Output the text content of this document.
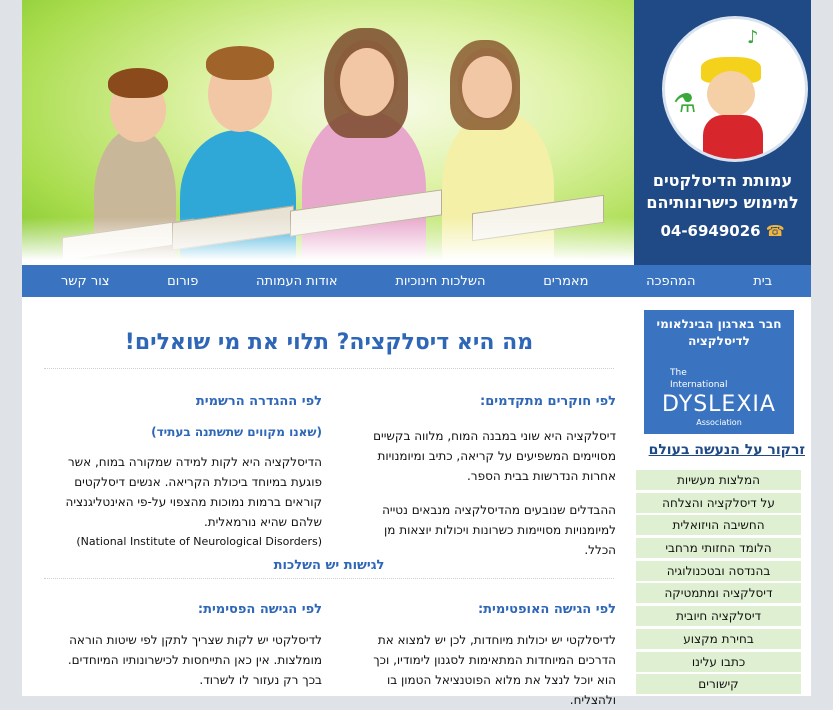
⚗
♪
עמותת הדיסלקטים
למימוש כישרונותיהם
04-6949026 ☎
בית
המהפכה
מאמרים
השלכות חינוכיות
אודות העמותה
פורום
צור קשר
מה היא דיסלקציה? תלוי את מי שואלים!
לפי חוקרים מתקדמים:

דיסלקציה היא שוני במבנה המוח, מלווה בקשיים מסויימים המשפיעים על קריאה, כתיב ומיומנויות אחרות הנדרשות בבית הספר.

ההבדלים שנובעים מהדיסלקציה מנבאים נטייה למיומנויות מסויימות כשרונות ויכולות יוצאות מן הכלל.

לפי ההגדרה הרשמית
(שאנו מקווים שתשתנה בעתיד)

הדיסלקציה היא לקות למידה שמקורה במוח, אשר פוגעת במיוחד ביכולת הקריאה. אנשים דיסלקטים קוראים ברמות נמוכות מהצפוי על-פי האינטליגנציה שלהם שהיא נורמאלית.

(National Institute of Neurological Disorders)

לגישות יש השלכות
לפי הגישה האופטימית:

לדיסלקטי יש יכולות מיוחדות, לכן יש למצוא את הדרכים המיוחדות המתאימות לסגנון לימודיו, וכך הוא יוכל לנצל את מלוא הפוטנציאל הטמון בו ולהצליח.

לפי הגישה הפסימית:

לדיסלקטי יש לקות שצריך לתקן לפי שיטות הוראה מומלצות. אין כאן התייחסות לכישרונותיו המיוחדים. בכך רק נעזור לו לשרוד.

חבר בארגון הבינלאומי
לדיסלקציה
The
International
DYSLEXIA
Association
זרקור על הנעשה בעולם
המלצות מעשיות
על דיסלקציה והצלחה
החשיבה הויזואלית
הלומד החזותי מרחבי
בהנדסה ובטכנולוגיה
דיסלקציה ומתמטיקה
דיסלקציה חיובית
בחירת מקצוע
כתבו עלינו
קישורים
